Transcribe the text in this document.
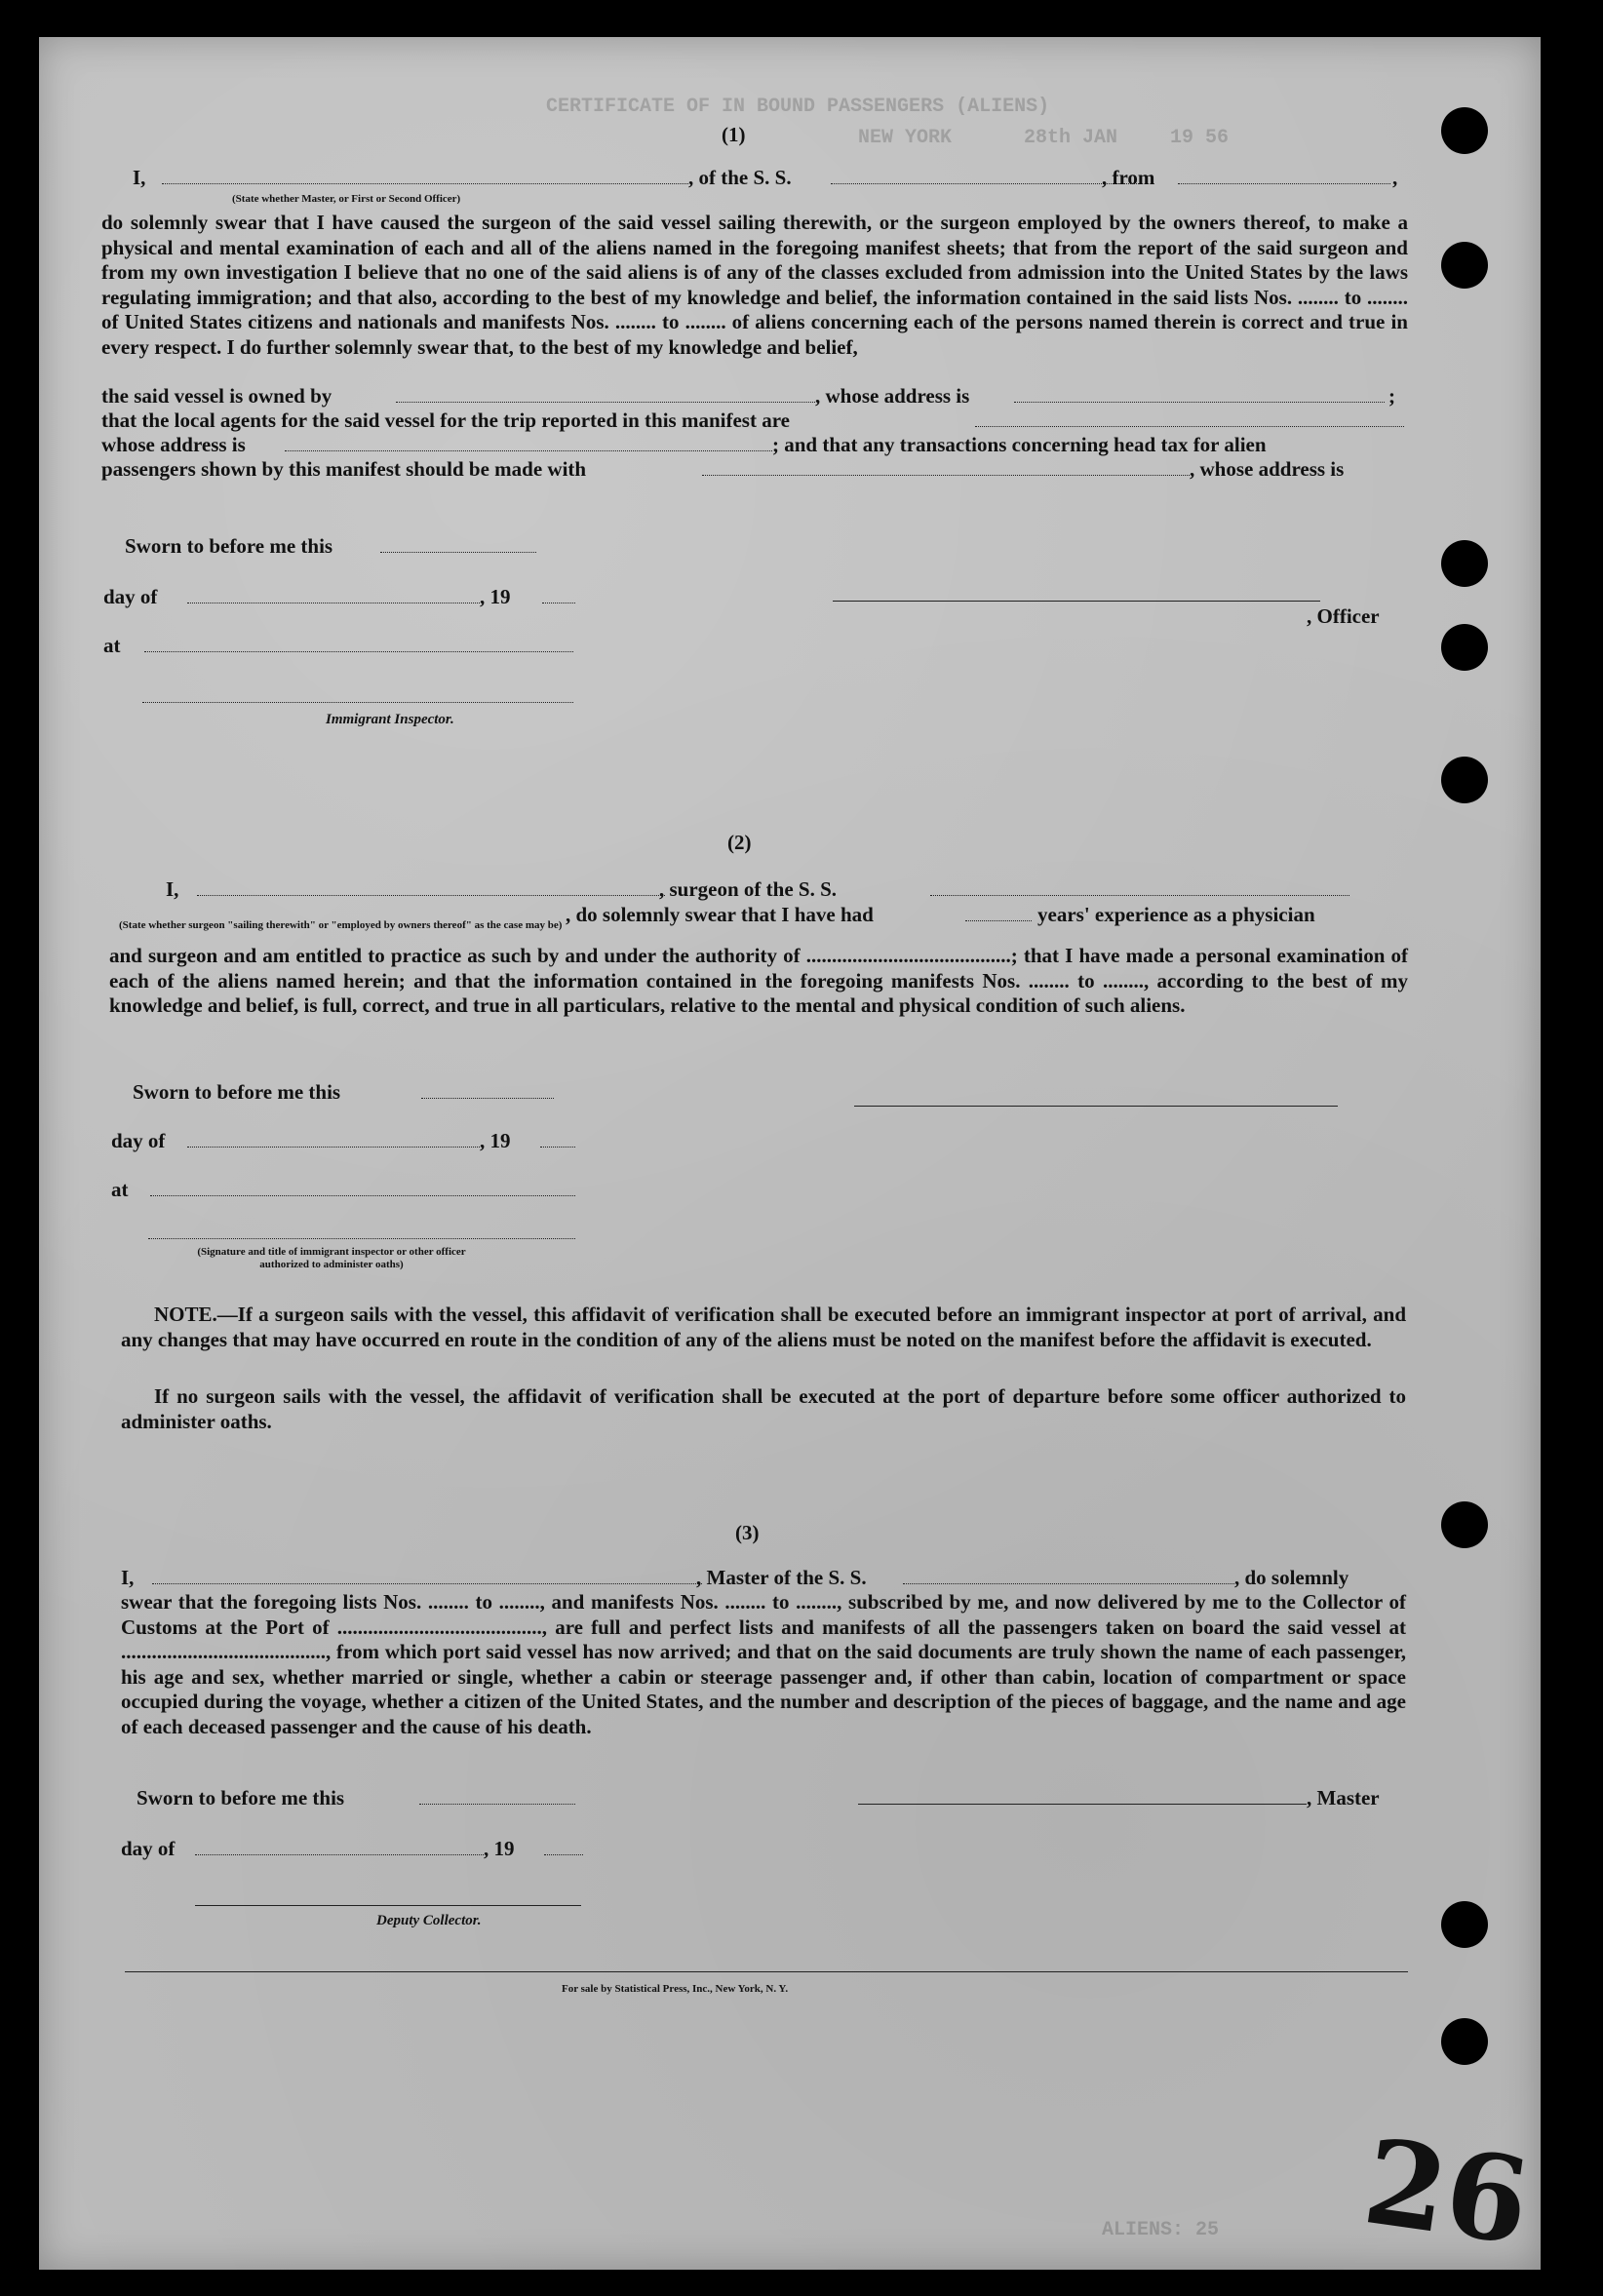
CERTIFICATE OF IN BOUND PASSENGERS (ALIENS)
NEW YORK	28th JAN	19 56
ALIENS: 25
(1)
I,	, of the S. S.	, from	,
(State whether Master, or First or Second Officer)
do solemnly swear that I have caused the surgeon of the said vessel sailing therewith, or the surgeon employed by the owners thereof, to make a physical and mental examination of each and all of the aliens named in the foregoing manifest sheets; that from the report of the said surgeon and from my own investigation I believe that no one of the said aliens is of any of the classes excluded from admission into the United States by the laws regulating immigration; and that also, according to the best of my knowledge and belief, the information contained in the said lists Nos. ........ to ........ of United States citizens and nationals and manifests Nos. ........ to ........ of aliens concerning each of the persons named therein is correct and true in every respect. I do further solemnly swear that, to the best of my knowledge and belief,
the said vessel is owned by	, whose address is	;
that the local agents for the said vessel for the trip reported in this manifest are
whose address is	; and that any transactions concerning head tax for alien
passengers shown by this manifest should be made with	, whose address is
Sworn to before me this
day of	, 19
at
Immigrant Inspector.
, Officer
(2)
I,	, surgeon of the S. S.
, do solemnly swear that I have had	years' experience as a physician
(State whether surgeon "sailing therewith" or "employed by owners thereof" as the case may be)
and surgeon and am entitled to practice as such by and under the authority of ........................................; that I have made a personal examination of each of the aliens named herein; and that the information contained in the foregoing manifests Nos. ........ to ........, according to the best of my knowledge and belief, is full, correct, and true in all particulars, relative to the mental and physical condition of such aliens.
Sworn to before me this
day of	, 19
at
(Signature and title of immigrant inspector or other officer authorized to administer oaths)
NOTE.—If a surgeon sails with the vessel, this affidavit of verification shall be executed before an immigrant inspector at port of arrival, and any changes that may have occurred en route in the condition of any of the aliens must be noted on the manifest before the affidavit is executed.
If no surgeon sails with the vessel, the affidavit of verification shall be executed at the port of departure before some officer authorized to administer oaths.
(3)
I,	, Master of the S. S.	, do solemnly
swear that the foregoing lists Nos. ........ to ........, and manifests Nos. ........ to ........, subscribed by me, and now delivered by me to the Collector of Customs at the Port of ........................................, are full and perfect lists and manifests of all the passengers taken on board the said vessel at ........................................, from which port said vessel has now arrived; and that on the said documents are truly shown the name of each passenger, his age and sex, whether married or single, whether a cabin or steerage passenger and, if other than cabin, location of compartment or space occupied during the voyage, whether a citizen of the United States, and the number and description of the pieces of baggage, and the name and age of each deceased passenger and the cause of his death.
Sworn to before me this	, Master
day of	, 19
Deputy Collector.
For sale by Statistical Press, Inc., New York, N. Y.
26
